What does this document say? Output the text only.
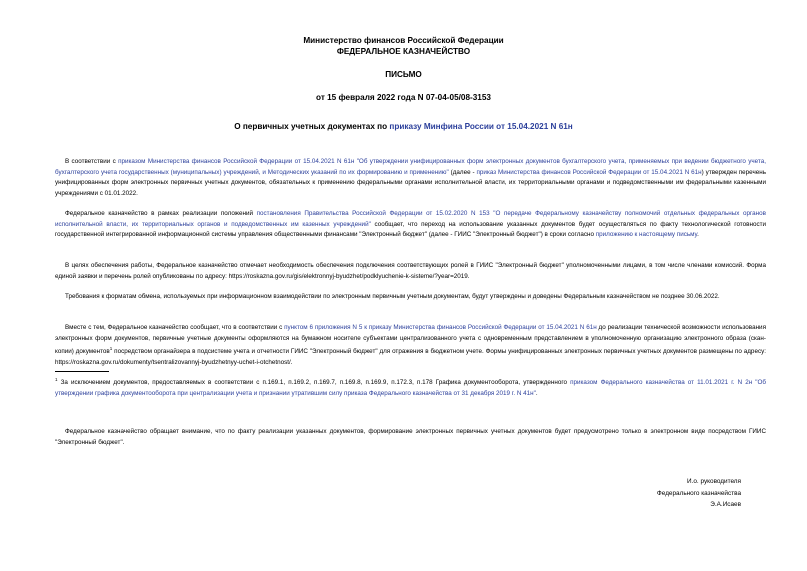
Министерство финансов Российской Федерации
ФЕДЕРАЛЬНОЕ КАЗНАЧЕЙСТВО
ПИСЬМО
от 15 февраля 2022 года N 07-04-05/08-3153
О первичных учетных документах по приказу Минфина России от 15.04.2021 N 61н
В соответствии с приказом Министерства финансов Российской Федерации от 15.04.2021 N 61н "Об утверждении унифицированных форм электронных документов бухгалтерского учета, применяемых при ведении бюджетного учета, бухгалтерского учета государственных (муниципальных) учреждений, и Методических указаний по их формированию и применению" (далее - приказ Министерства финансов Российской Федерации от 15.04.2021 N 61н) утвержден перечень унифицированных форм электронных первичных учетных документов, обязательных к применению федеральными органами исполнительной власти, их территориальными органами и подведомственными им федеральными казенными учреждениями с 01.01.2022.
Федеральное казначейство в рамках реализации положений постановления Правительства Российской Федерации от 15.02.2020 N 153 "О передаче Федеральному казначейству полномочий отдельных федеральных органов исполнительной власти, их территориальных органов и подведомственных им казенных учреждений" сообщает, что переход на использование указанных документов будет осуществляться по факту технологической готовности государственной интегрированной информационной системы управления общественными финансами "Электронный бюджет" (далее - ГИИС "Электронный бюджет") в сроки согласно приложению к настоящему письму.
В целях обеспечения работы, Федеральное казначейство отмечает необходимость обеспечения подключения соответствующих ролей в ГИИС "Электронный бюджет" уполномоченными лицами, в том числе членами комиссий. Форма единой заявки и перечень ролей опубликованы по адресу: https://roskazna.gov.ru/gis/elektronnyj-byudzhet/podklyuchenie-k-sisteme/?year=2019.
Требования к форматам обмена, используемых при информационном взаимодействии по электронным первичным учетным документам, будут утверждены и доведены Федеральным казначейством не позднее 30.06.2022.
Вместе с тем, Федеральное казначейство сообщает, что в соответствии с пунктом 6 приложения N 5 к приказу Министерства финансов Российской Федерации от 15.04.2021 N 61н до реализации технической возможности использования электронных форм документов, первичные учетные документы оформляются на бумажном носителе субъектами централизованного учета с одновременным представлением в уполномоченную организацию электронного образа (скан-копии) документов$^1$ посредством органайзера в подсистеме учета и отчетности ГИИС "Электронный бюджет" для отражения в бюджетном учете. Формы унифицированных электронных первичных учетных документов размещены по адресу: https://roskazna.gov.ru/dokumenty/tsentralizovannyj-byudzhetnyy-uchet-i-otchetnost/.
$^1$ За исключением документов, предоставляемых в соответствии с п.169.1, п.169.2, п.169.7, п.169.8, п.169.9, п.172.3, п.178 Графика документооборота, утвержденного приказом Федерального казначейства от 11.01.2021 г. N 2н "Об утверждении графика документооборота при централизации учета и признании утратившим силу приказа Федерального казначейства от 31 декабря 2019 г. N 41н".
Федеральное казначейство обращает внимание, что по факту реализации указанных документов, формирование электронных первичных учетных документов будет предусмотрено только в электронном виде посредством ГИИС "Электронный бюджет".
И.о. руководителя
Федерального казначейства
Э.А.Исаев
